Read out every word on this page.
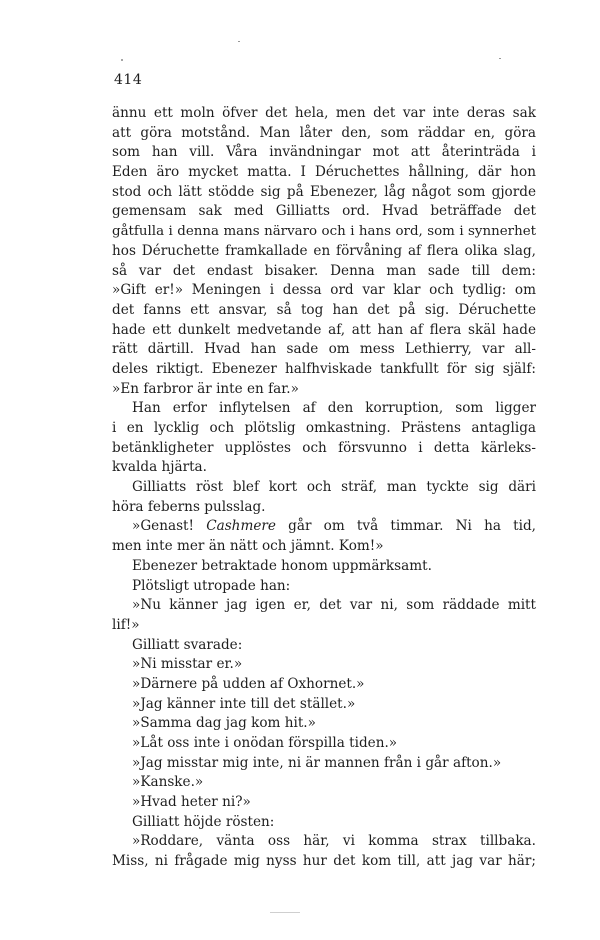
414
ännu ett moln öfver det hela, men det var inte deras sak
att göra motstånd. Man låter den, som räddar en, göra
som han vill. Våra invändningar mot att återinträda i
Eden äro mycket matta. I Déruchettes hållning, där hon
stod och lätt stödde sig på Ebenezer, låg något som gjorde
gemensam sak med Gilliatts ord. Hvad beträffade det
gåtfulla i denna mans närvaro och i hans ord, som i synnerhet
hos Déruchette framkallade en förvåning af flera olika slag,
så var det endast bisaker. Denna man sade till dem:
»Gift er!» Meningen i dessa ord var klar och tydlig: om
det fanns ett ansvar, så tog han det på sig. Déruchette
hade ett dunkelt medvetande af, att han af flera skäl hade
rätt därtill. Hvad han sade om mess Lethierry, var all-
deles riktigt. Ebenezer halfhviskade tankfullt för sig själf:
»En farbror är inte en far.»
Han erfor inflytelsen af den korruption, som ligger
i en lycklig och plötslig omkastning. Prästens antagliga
betänkligheter upplöstes och försvunno i detta kärleks-
kvalda hjärta.
Gilliatts röst blef kort och sträf, man tyckte sig däri
höra feberns pulsslag.
»Genast! Cashmere går om två timmar. Ni ha tid,
men inte mer än nätt och jämnt. Kom!»
Ebenezer betraktade honom uppmärksamt.
Plötsligt utropade han:
»Nu känner jag igen er, det var ni, som räddade mitt
lif!»
Gilliatt svarade:
»Ni misstar er.»
»Därnere på udden af Oxhornet.»
»Jag känner inte till det stället.»
»Samma dag jag kom hit.»
»Låt oss inte i onödan förspilla tiden.»
»Jag misstar mig inte, ni är mannen från i går afton.»
»Kanske.»
»Hvad heter ni?»
Gilliatt höjde rösten:
»Roddare, vänta oss här, vi komma strax tillbaka.
Miss, ni frågade mig nyss hur det kom till, att jag var här;
